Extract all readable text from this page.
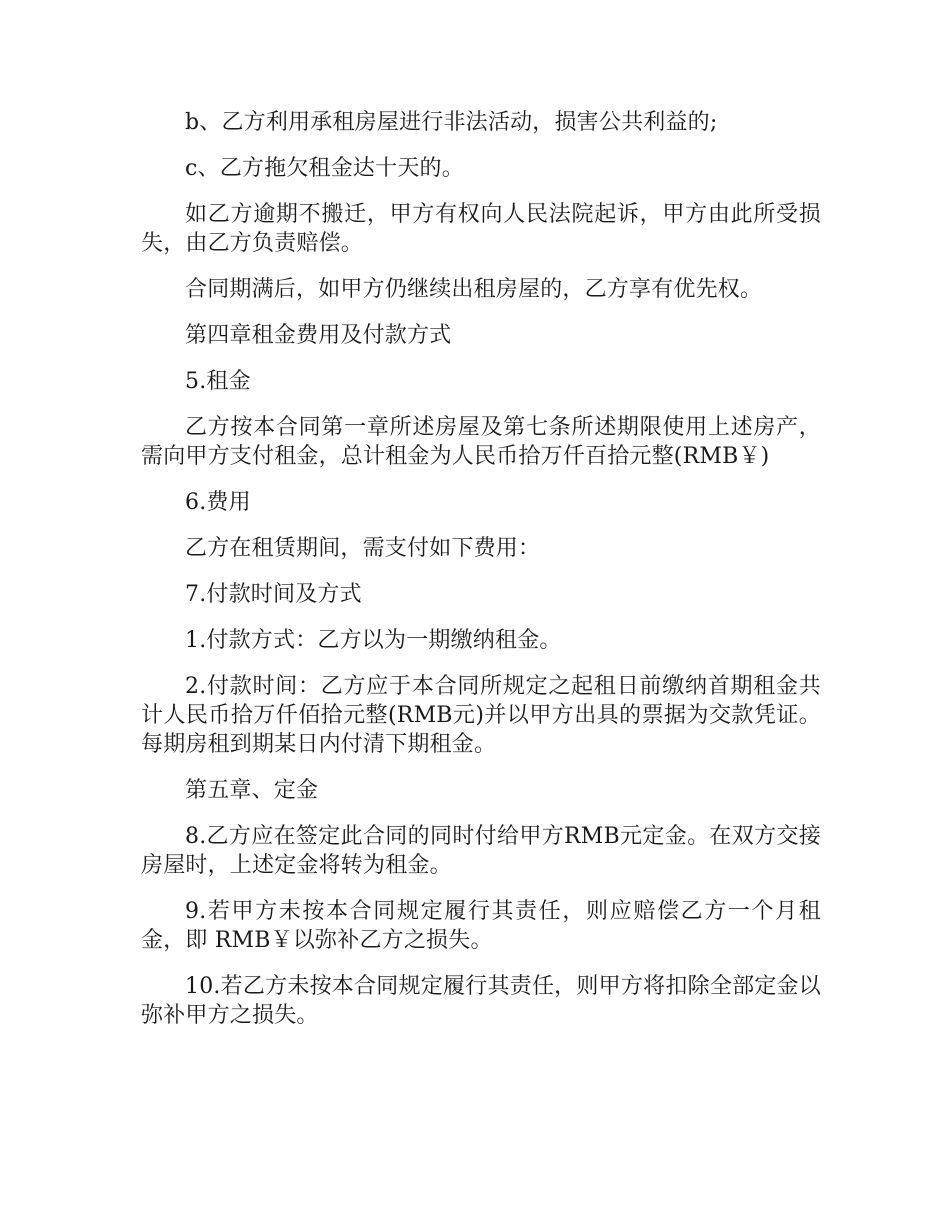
b、乙方利用承租房屋进行非法活动，损害公共利益的;

c、乙方拖欠租金达十天的。

如乙方逾期不搬迁，甲方有权向人民法院起诉，甲方由此所受损失，由乙方负责赔偿。

合同期满后，如甲方仍继续出租房屋的，乙方享有优先权。

第四章租金费用及付款方式

5.租金

乙方按本合同第一章所述房屋及第七条所述期限使用上述房产，需向甲方支付租金，总计租金为人民币拾万仟百拾元整(RMB￥)

6.费用

乙方在租赁期间，需支付如下费用：

7.付款时间及方式

1.付款方式：乙方以为一期缴纳租金。

2.付款时间：乙方应于本合同所规定之起租日前缴纳首期租金共计人民币拾万仟佰拾元整(RMB元)并以甲方出具的票据为交款凭证。每期房租到期某日内付清下期租金。

第五章、定金

8.乙方应在签定此合同的同时付给甲方RMB元定金。在双方交接房屋时，上述定金将转为租金。

9.若甲方未按本合同规定履行其责任，则应赔偿乙方一个月租金，即 RMB￥以弥补乙方之损失。

10.若乙方未按本合同规定履行其责任，则甲方将扣除全部定金以弥补甲方之损失。
